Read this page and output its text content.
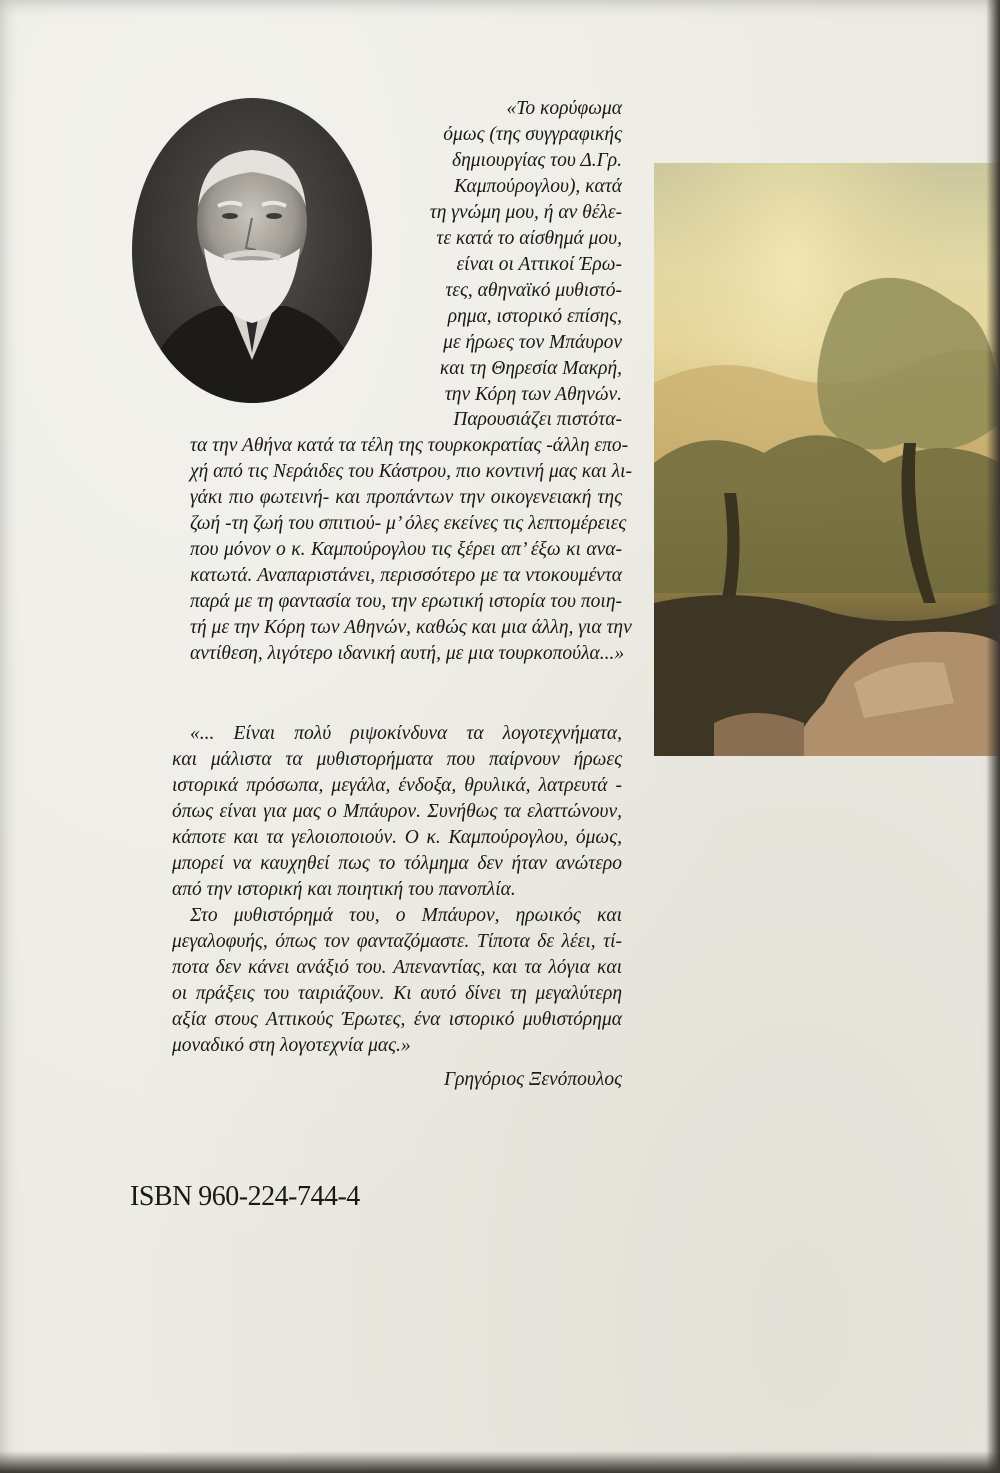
«Το κορύφωμα
όμως (της συγγραφικής
δημιουργίας του Δ.Γρ.
Καμπούρογλου), κατά
τη γνώμη μου, ή αν θέλε-
τε κατά το αίσθημά μου,
είναι οι Αττικοί Έρω-
τες, αθηναϊκό μυθιστό-
ρημα, ιστορικό επίσης,
με ήρωες τον Μπάυρον
και τη Θηρεσία Μακρή,
την Κόρη των Αθηνών.
Παρουσιάζει πιστότα-
τα την Αθήνα κατά τα τέλη της τουρκοκρατίας -άλλη επο-
χή από τις Νεράιδες του Κάστρου, πιο κοντινή μας και λι-
γάκι πιο φωτεινή- και προπάντων την οικογενειακή της
ζωή -τη ζωή του σπιτιού- μ’ όλες εκείνες τις λεπτομέρειες
που μόνον ο κ. Καμπούρογλου τις ξέρει απ’ έξω κι ανα-
κατωτά. Αναπαριστάνει, περισσότερο με τα ντοκουμέντα
παρά με τη φαντασία του, την ερωτική ιστορία του ποιη-
τή με την Κόρη των Αθηνών, καθώς και μια άλλη, για την
αντίθεση, λιγότερο ιδανική αυτή, με μια τουρκοπούλα...»
«... Είναι πολύ ριψοκίνδυνα τα λογοτεχνήματα,
και μάλιστα τα μυθιστορήματα που παίρνουν ήρωες
ιστορικά πρόσωπα, μεγάλα, ένδοξα, θρυλικά, λατρευτά -
όπως είναι για μας ο Μπάυρον. Συνήθως τα ελαττώνουν,
κάποτε και τα γελοιοποιούν. Ο κ. Καμπούρογλου, όμως,
μπορεί να καυχηθεί πως το τόλμημα δεν ήταν ανώτερο
από την ιστορική και ποιητική του πανοπλία.
Στο μυθιστόρημά του, ο Μπάυρον, ηρωικός και
μεγαλοφυής, όπως τον φανταζόμαστε. Τίποτα δε λέει, τί-
ποτα δεν κάνει ανάξιό του. Απεναντίας, και τα λόγια και
οι πράξεις του ταιριάζουν. Κι αυτό δίνει τη μεγαλύτερη
αξία στους Αττικούς Έρωτες, ένα ιστορικό μυθιστόρημα
μοναδικό στη λογοτεχνία μας.»
Γρηγόριος Ξενόπουλος
ISBN 960-224-744-4
